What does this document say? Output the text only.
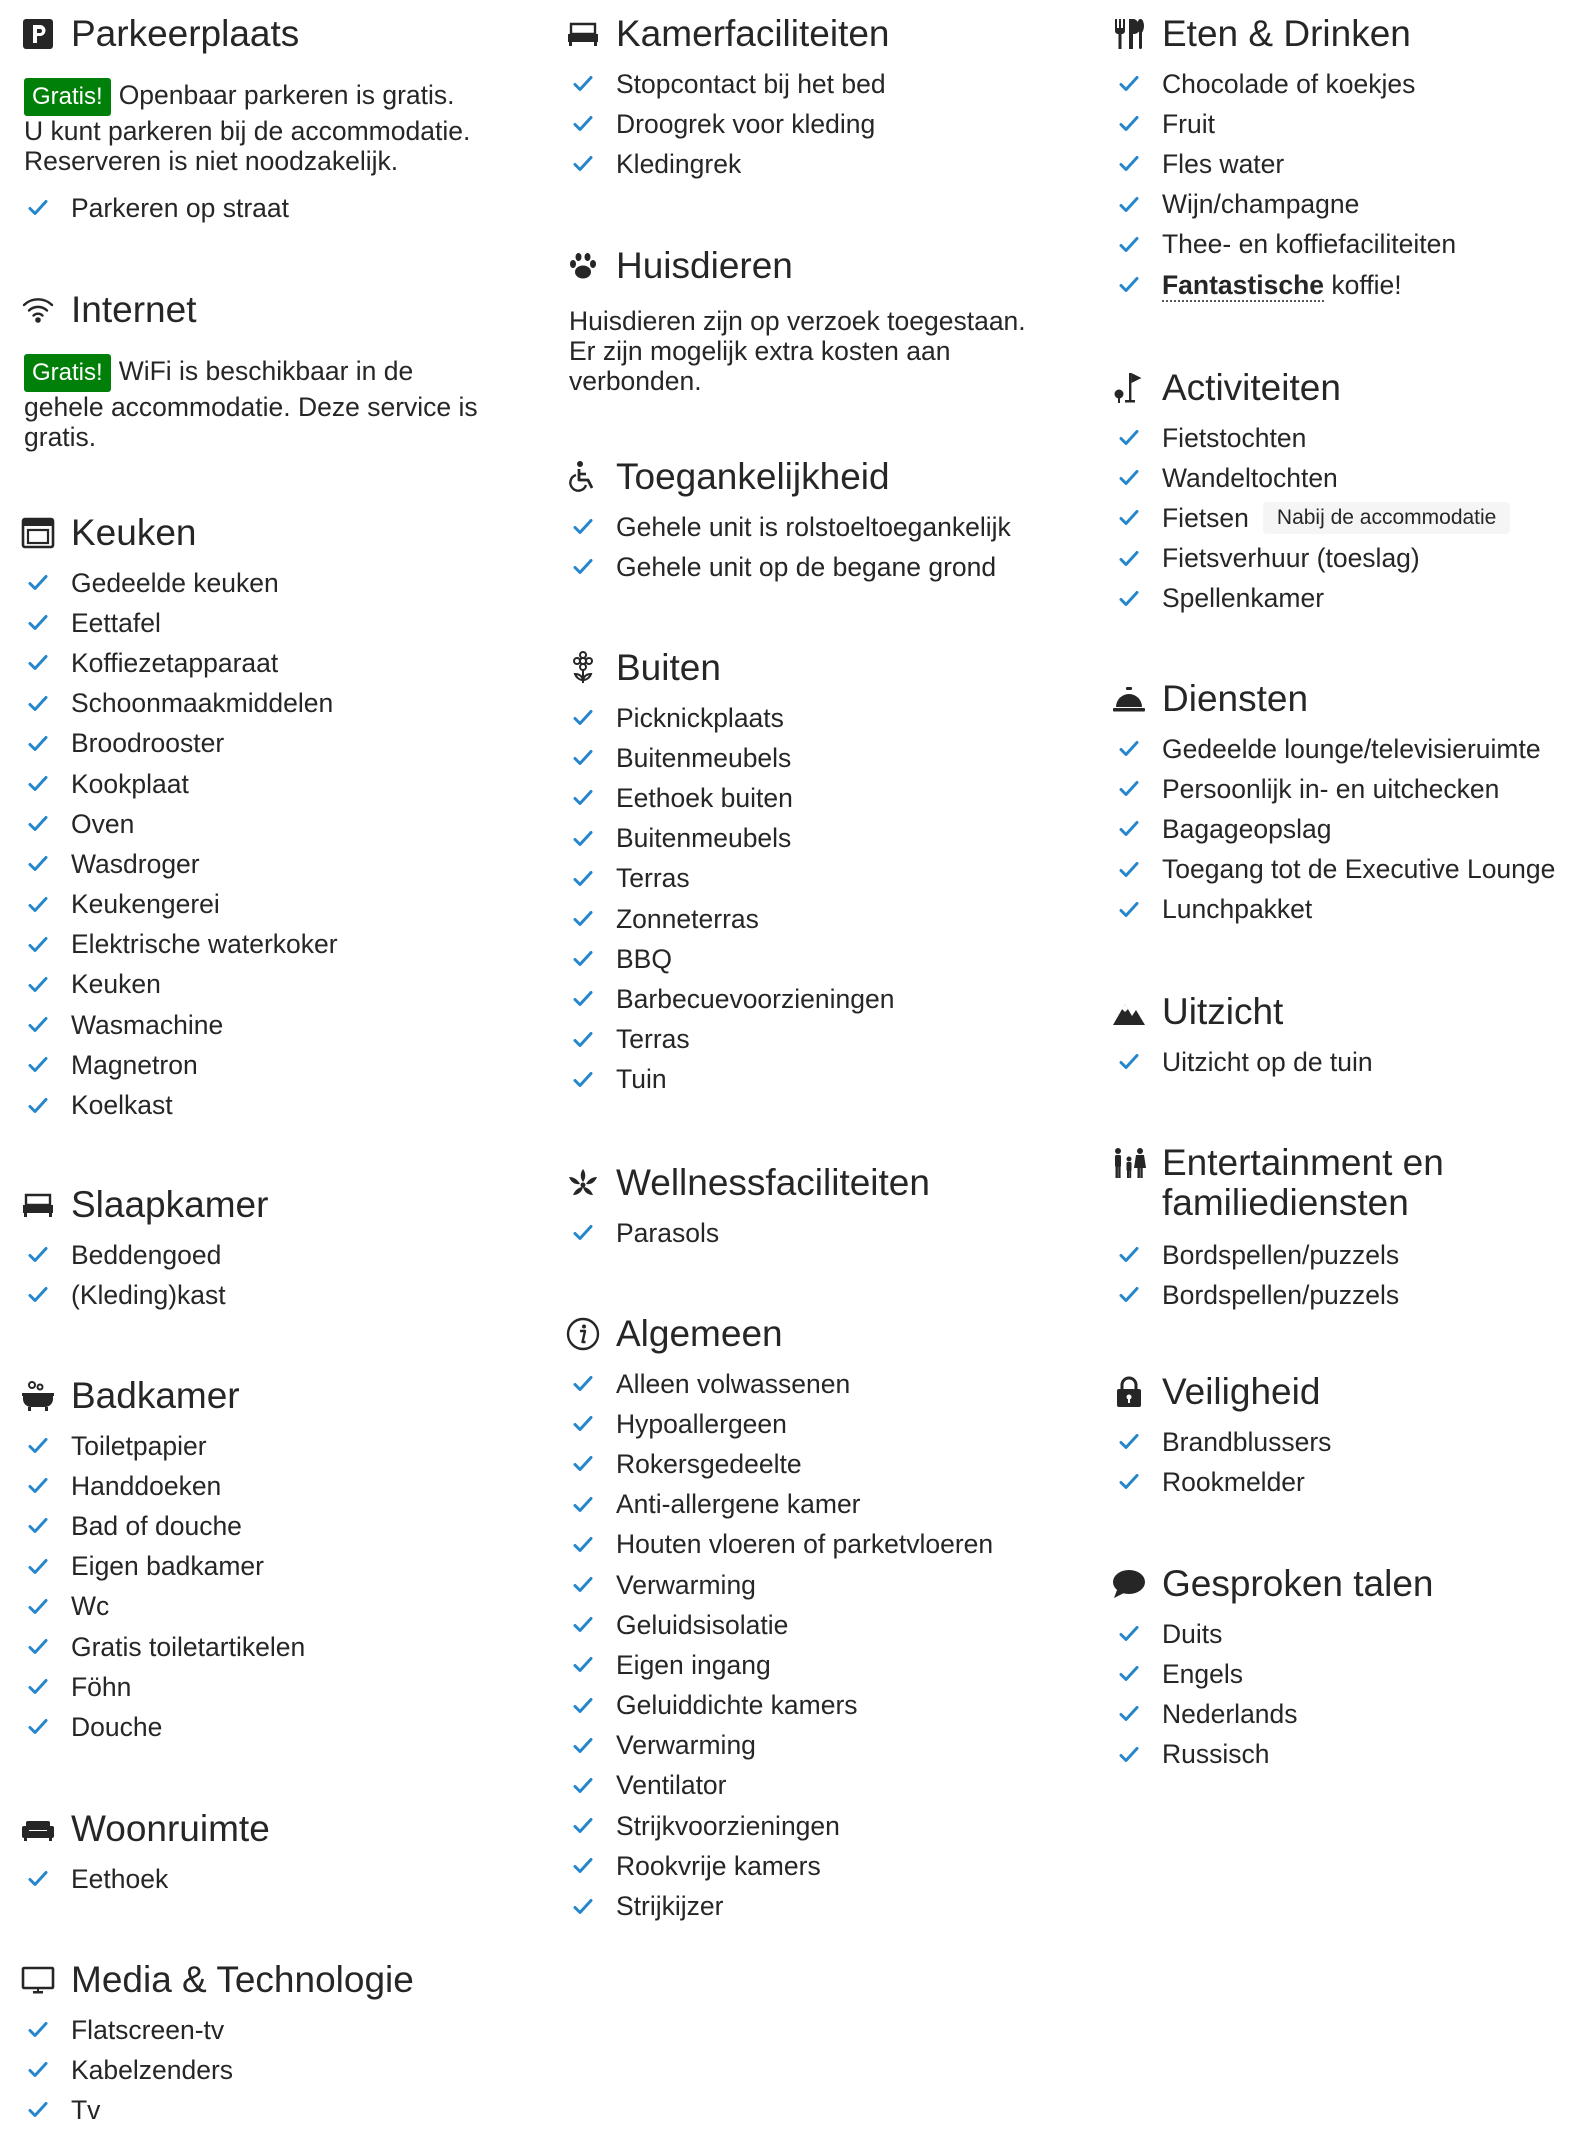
Parkeerplaats
Gratis! Openbaar parkeren is gratis.

U kunt parkeren bij de accommodatie.

Reserveren is niet noodzakelijk.

Parkeren op straat
Internet
Gratis! WiFi is beschikbaar in de

gehele accommodatie. Deze service is

gratis.

Keuken
Gedeelde keuken
Eettafel
Koffiezetapparaat
Schoonmaakmiddelen
Broodrooster
Kookplaat
Oven
Wasdroger
Keukengerei
Elektrische waterkoker
Keuken
Wasmachine
Magnetron
Koelkast
Slaapkamer
Beddengoed
(Kleding)kast
Badkamer
Toiletpapier
Handdoeken
Bad of douche
Eigen badkamer
Wc
Gratis toiletartikelen
Föhn
Douche
Woonruimte
Eethoek
Media & Technologie
Flatscreen-tv
Kabelzenders
Tv
Kamerfaciliteiten
Stopcontact bij het bed
Droogrek voor kleding
Kledingrek
Huisdieren

Huisdieren zijn op verzoek toegestaan.

Er zijn mogelijk extra kosten aan

verbonden.

Toegankelijkheid
Gehele unit is rolstoeltoegankelijk
Gehele unit op de begane grond
Buiten
Picknickplaats
Buitenmeubels
Eethoek buiten
Buitenmeubels
Terras
Zonneterras
BBQ
Barbecuevoorzieningen
Terras
Tuin
Wellnessfaciliteiten
Parasols
Algemeen
Alleen volwassenen
Hypoallergeen
Rokersgedeelte
Anti-allergene kamer
Houten vloeren of parketvloeren
Verwarming
Geluidsisolatie
Eigen ingang
Geluiddichte kamers
Verwarming
Ventilator
Strijkvoorzieningen
Rookvrije kamers
Strijkijzer
Eten & Drinken
Chocolade of koekjes
Fruit
Fles water
Wijn/champagne
Thee- en koffiefaciliteiten
Fantastische koffie!
Activiteiten
Fietstochten
Wandeltochten
Fietsen	Nabij de accommodatie
Fietsverhuur (toeslag)
Spellenkamer
Diensten
Gedeelde lounge/televisieruimte
Persoonlijk in- en uitchecken
Bagageopslag
Toegang tot de Executive Lounge
Lunchpakket
Uitzicht
Uitzicht op de tuin
Entertainment en
familiediensten
Bordspellen/puzzels
Bordspellen/puzzels
Veiligheid
Brandblussers
Rookmelder
Gesproken talen
Duits
Engels
Nederlands
Russisch
